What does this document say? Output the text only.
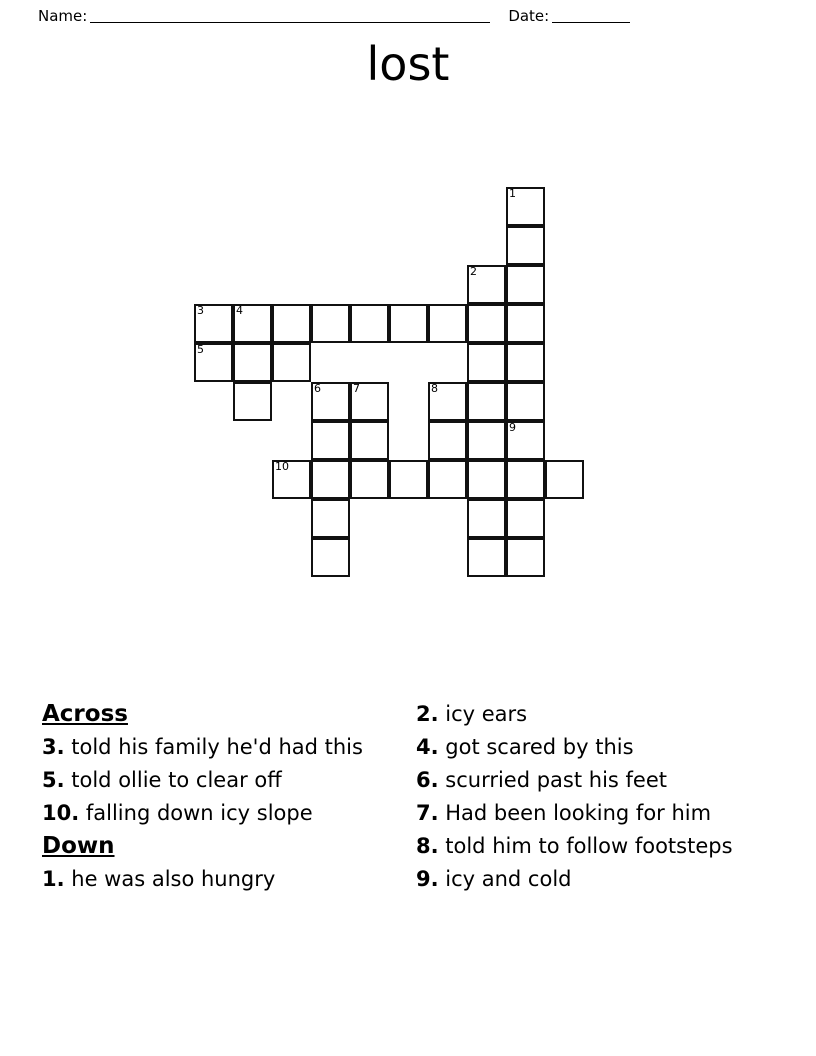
Name:	Date:
lost
1
2
3	4
5
6	7	8
9
10
Across
3. told his family he'd had this
5. told ollie to clear off
10. falling down icy slope
Down
1. he was also hungry
2. icy ears
4. got scared by this
6. scurried past his feet
7. Had been looking for him
8. told him to follow footsteps
9. icy and cold
